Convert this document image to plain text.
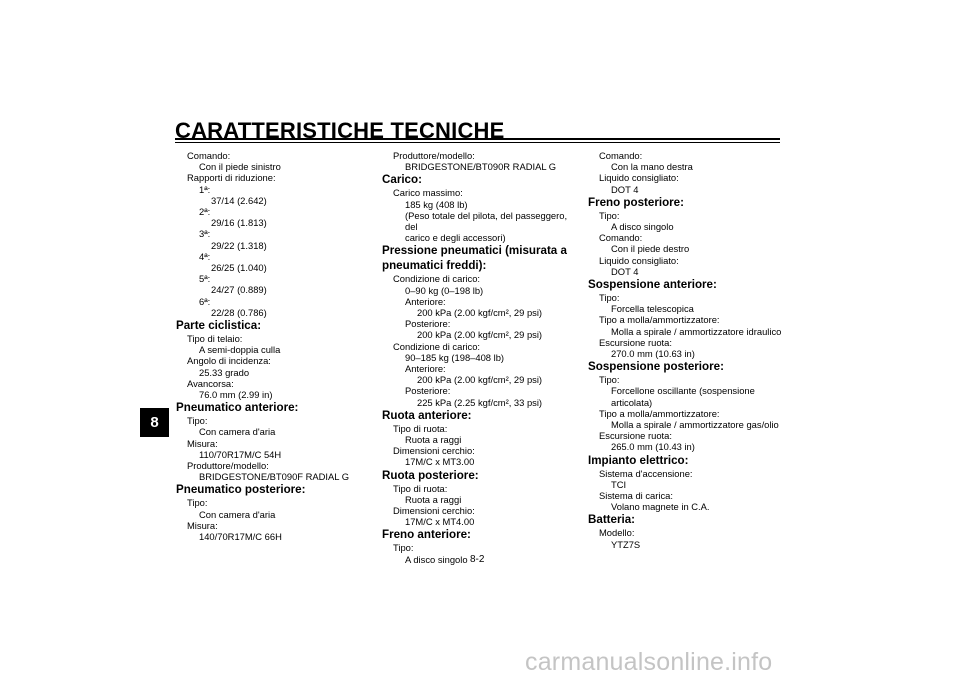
CARATTERISTICHE TECNICHE
8
Comando:
Con il piede sinistro
Rapporti di riduzione:
1ª:
37/14 (2.642)
2ª:
29/16 (1.813)
3ª:
29/22 (1.318)
4ª:
26/25 (1.040)
5ª:
24/27 (0.889)
6ª:
22/28 (0.786)
Parte ciclistica:
Tipo di telaio:
A semi-doppia culla
Angolo di incidenza:
25.33 grado
Avancorsa:
76.0 mm (2.99 in)
Pneumatico anteriore:
Tipo:
Con camera d'aria
Misura:
110/70R17M/C 54H
Produttore/modello:
BRIDGESTONE/BT090F RADIAL G
Pneumatico posteriore:
Tipo:
Con camera d'aria
Misura:
140/70R17M/C 66H
Produttore/modello:
BRIDGESTONE/BT090R RADIAL G
Carico:
Carico massimo:
185 kg (408 lb)
(Peso totale del pilota, del passeggero, del
carico e degli accessori)
Pressione pneumatici (misurata a
pneumatici freddi):
Condizione di carico:
0–90 kg (0–198 lb)
Anteriore:
200 kPa (2.00 kgf/cm², 29 psi)
Posteriore:
200 kPa (2.00 kgf/cm², 29 psi)
Condizione di carico:
90–185 kg (198–408 lb)
Anteriore:
200 kPa (2.00 kgf/cm², 29 psi)
Posteriore:
225 kPa (2.25 kgf/cm², 33 psi)
Ruota anteriore:
Tipo di ruota:
Ruota a raggi
Dimensioni cerchio:
17M/C x MT3.00
Ruota posteriore:
Tipo di ruota:
Ruota a raggi
Dimensioni cerchio:
17M/C x MT4.00
Freno anteriore:
Tipo:
A disco singolo
Comando:
Con la mano destra
Liquido consigliato:
DOT 4
Freno posteriore:
Tipo:
A disco singolo
Comando:
Con il piede destro
Liquido consigliato:
DOT 4
Sospensione anteriore:
Tipo:
Forcella telescopica
Tipo a molla/ammortizzatore:
Molla a spirale / ammortizzatore idraulico
Escursione ruota:
270.0 mm (10.63 in)
Sospensione posteriore:
Tipo:
Forcellone oscillante (sospensione
articolata)
Tipo a molla/ammortizzatore:
Molla a spirale / ammortizzatore gas/olio
Escursione ruota:
265.0 mm (10.43 in)
Impianto elettrico:
Sistema d'accensione:
TCI
Sistema di carica:
Volano magnete in C.A.
Batteria:
Modello:
YTZ7S
8-2
carmanualsonline.info
